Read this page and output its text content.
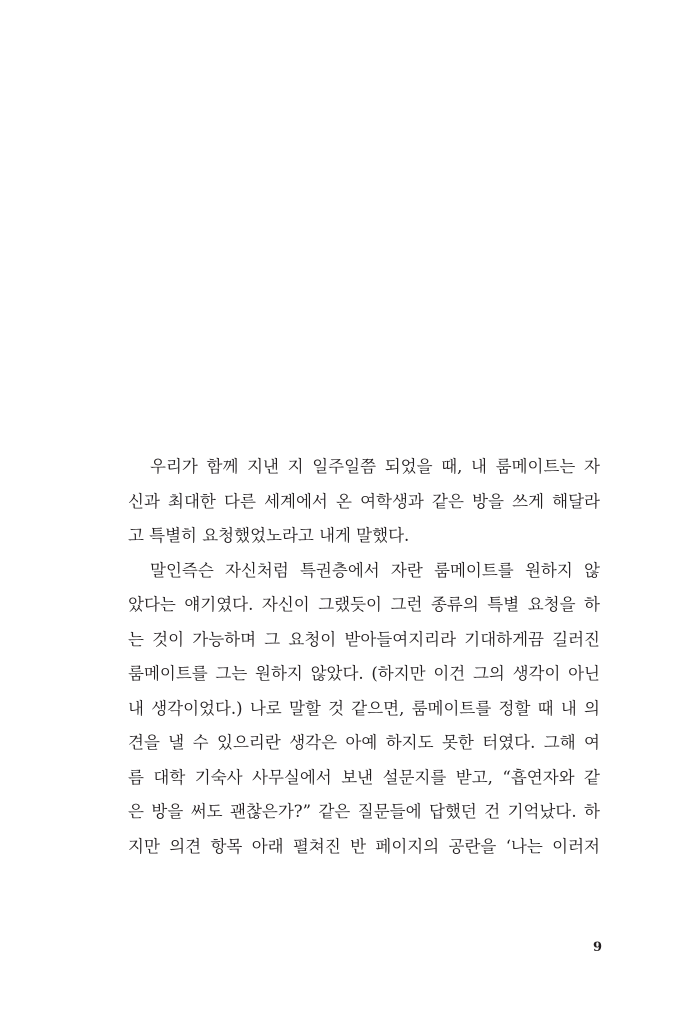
우리가 함께 지낸 지 일주일쯤 되었을 때, 내 룸메이트는 자
신과 최대한 다른 세계에서 온 여학생과 같은 방을 쓰게 해달라
고 특별히 요청했었노라고 내게 말했다.
말인즉슨 자신처럼 특권층에서 자란 룸메이트를 원하지 않
았다는 얘기였다. 자신이 그랬듯이 그런 종류의 특별 요청을 하
는 것이 가능하며 그 요청이 받아들여지리라 기대하게끔 길러진
룸메이트를 그는 원하지 않았다. (하지만 이건 그의 생각이 아닌
내 생각이었다.) 나로 말할 것 같으면, 룸메이트를 정할 때 내 의
견을 낼 수 있으리란 생각은 아예 하지도 못한 터였다. 그해 여
름 대학 기숙사 사무실에서 보낸 설문지를 받고, “흡연자와 같
은 방을 써도 괜찮은가?” 같은 질문들에 답했던 건 기억났다. 하
지만 의견 항목 아래 펼쳐진 반 페이지의 공란을 ‘나는 이러저
9
